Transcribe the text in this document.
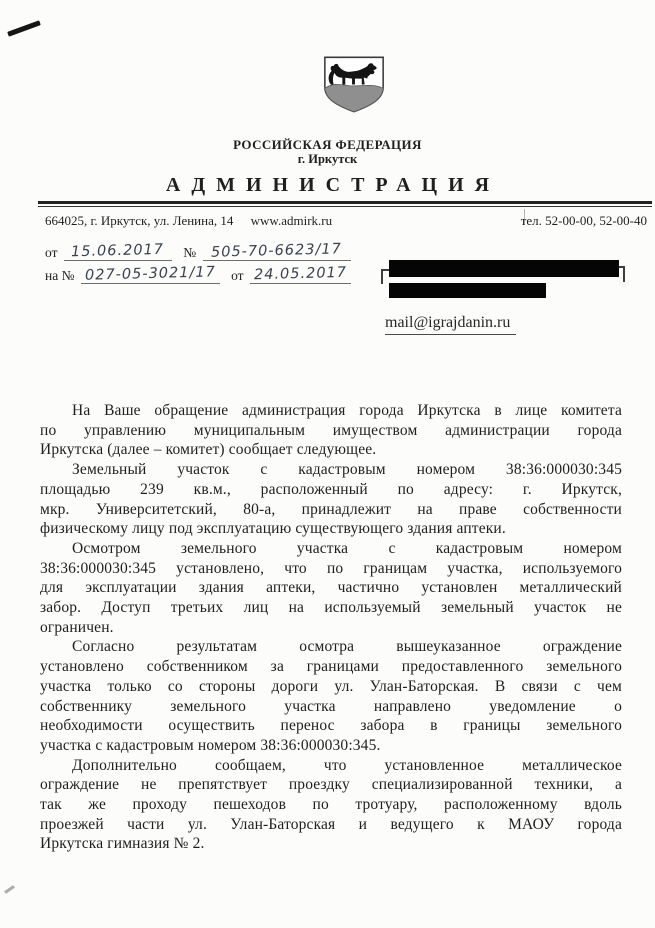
РОССИЙСКАЯ ФЕДЕРАЦИЯ
г. Иркутск
АДМИНИСТРАЦИЯ
664025, г. Иркутск, ул. Ленина, 14 www.admirk.ru	тел. 52-00-00, 52-00-40
от 15.06.2017 № 505-70-6623/17
на № 027-05-3021/17 от 24.05.2017
mail@igrajdanin.ru
На Ваше обращение администрация города Иркутска в лице комитета
по управлению муниципальным имуществом администрации города
Иркутска (далее – комитет) сообщает следующее.
Земельный участок с кадастровым номером 38:36:000030:345
площадью 239 кв.м., расположенный по адресу: г. Иркутск,
мкр. Университетский, 80-а, принадлежит на праве собственности
физическому лицу под эксплуатацию существующего здания аптеки.
Осмотром земельного участка с кадастровым номером
38:36:000030:345 установлено, что по границам участка, используемого
для эксплуатации здания аптеки, частично установлен металлический
забор. Доступ третьих лиц на используемый земельный участок не
ограничен.
Согласно результатам осмотра вышеуказанное ограждение
установлено собственником за границами предоставленного земельного
участка только со стороны дороги ул. Улан-Баторская. В связи с чем
собственнику земельного участка направлено уведомление о
необходимости осуществить перенос забора в границы земельного
участка с кадастровым номером 38:36:000030:345.
Дополнительно сообщаем, что установленное металлическое
ограждение не препятствует проездку специализированной техники, а
так же проходу пешеходов по тротуару, расположенному вдоль
проезжей части ул. Улан-Баторская и ведущего к МАОУ города
Иркутска гимназия № 2.
